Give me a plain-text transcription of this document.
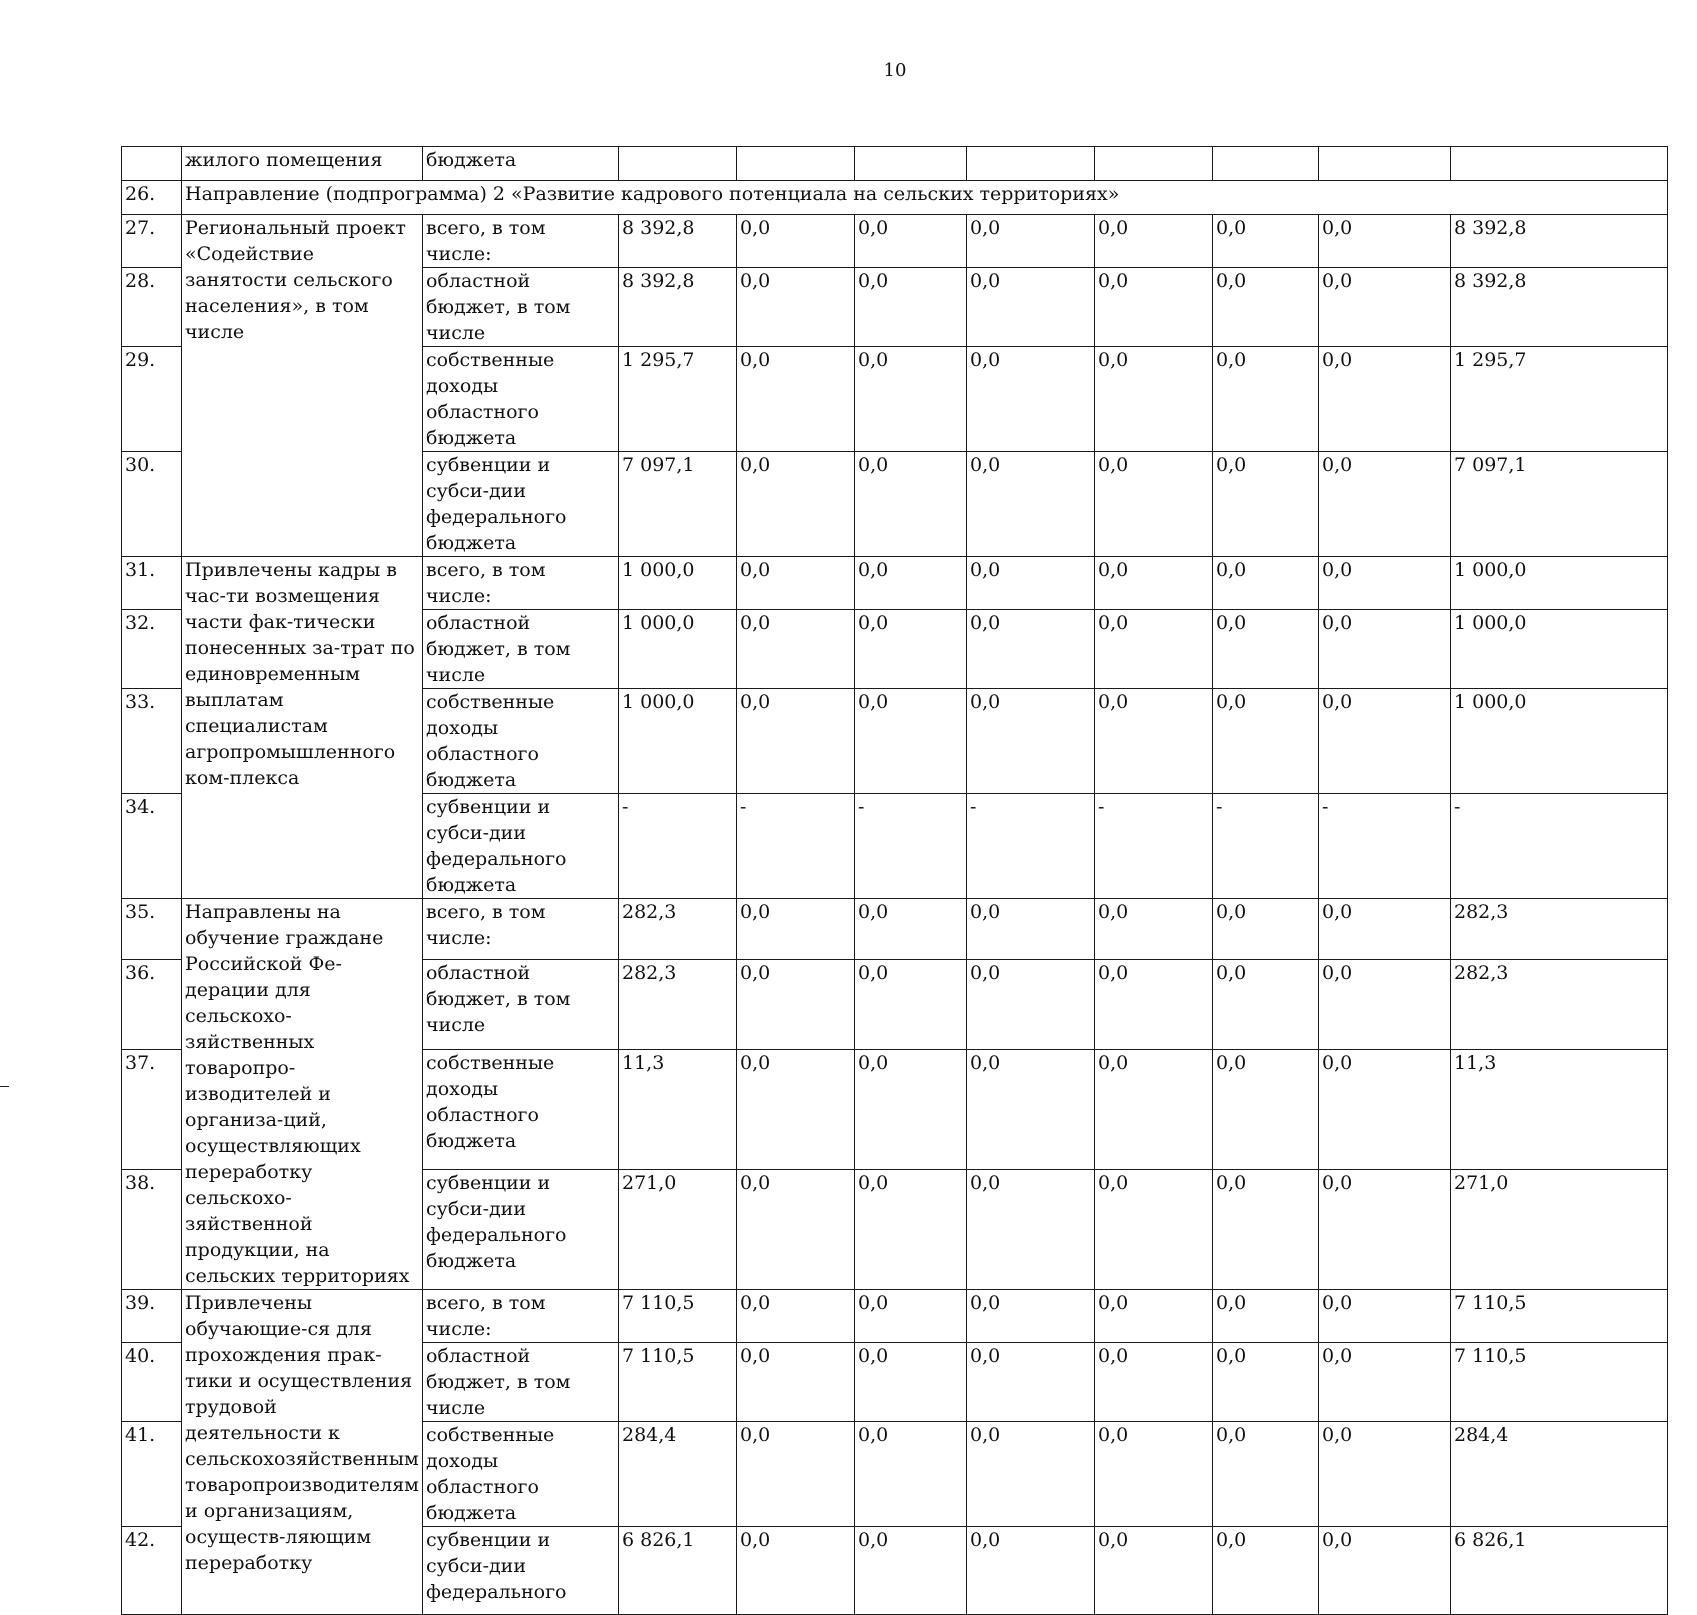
10
	жилого помещения	бюджета								
26.	Направление (подпрограмма) 2 «Развитие кадрового потенциала на сельских территориях»									
27.	Региональный проект «Содействие занятости сельского населения», в том числе	всего, в том числе:	8 392,8	0,0	0,0	0,0	0,0	0,0	0,0	8 392,8
28.		областной бюджет, в том числе	8 392,8	0,0	0,0	0,0	0,0	0,0	0,0	8 392,8
29.		собственные доходы областного бюджета	1 295,7	0,0	0,0	0,0	0,0	0,0	0,0	1 295,7
30.		субвенции и субси-дии федерального бюджета	7 097,1	0,0	0,0	0,0	0,0	0,0	0,0	7 097,1
31.	Привлечены кадры в час-ти возмещения части фак-тически понесенных за-трат по единовременным выплатам специалистам агропромышленного ком-плекса	всего, в том числе:	1 000,0	0,0	0,0	0,0	0,0	0,0	0,0	1 000,0
32.		областной бюджет, в том числе	1 000,0	0,0	0,0	0,0	0,0	0,0	0,0	1 000,0
33.		собственные доходы областного бюджета	1 000,0	0,0	0,0	0,0	0,0	0,0	0,0	1 000,0
34.		субвенции и субси-дии федерального бюджета	-	-	-	-	-	-	-	-
35.	Направлены на обучение граждане Российской Фе-дерации для сельскохо-зяйственных товаропро-изводителей и организа-ций, осуществляющих переработку сельскохо-зяйственной продукции, на сельских территориях	всего, в том числе:	282,3	0,0	0,0	0,0	0,0	0,0	0,0	282,3
36.		областной бюджет, в том числе	282,3	0,0	0,0	0,0	0,0	0,0	0,0	282,3
37.		собственные доходы областного бюджета	11,3	0,0	0,0	0,0	0,0	0,0	0,0	11,3
38.		субвенции и субси-дии федерального бюджета	271,0	0,0	0,0	0,0	0,0	0,0	0,0	271,0
39.	Привлечены обучающие-ся для прохождения прак-тики и осуществления трудовой деятельности к сельскохозяйственным товаропроизводителям и организациям, осуществ-ляющим переработку	всего, в том числе:	7 110,5	0,0	0,0	0,0	0,0	0,0	0,0	7 110,5
40.		областной бюджет, в том числе	7 110,5	0,0	0,0	0,0	0,0	0,0	0,0	7 110,5
41.		собственные доходы областного бюджета	284,4	0,0	0,0	0,0	0,0	0,0	0,0	284,4
42.		субвенции и субси-дии федерального	6 826,1	0,0	0,0	0,0	0,0	0,0	0,0	6 826,1
